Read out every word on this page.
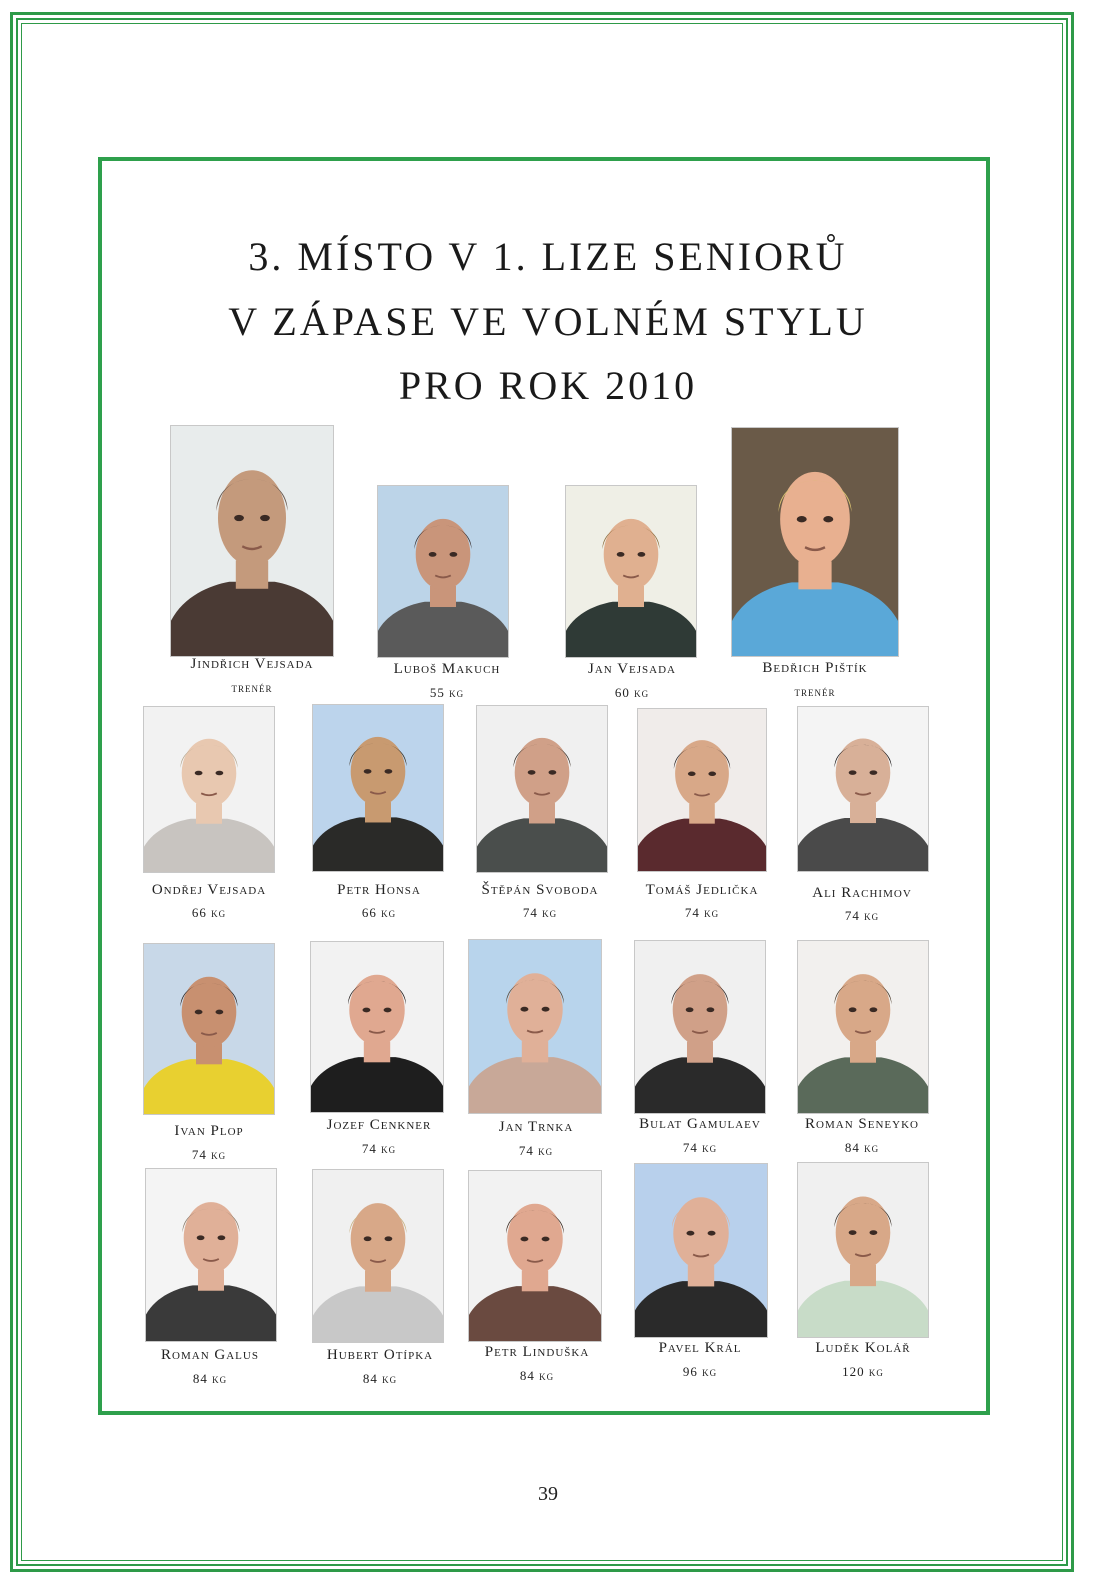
3. MÍSTO V 1. LIZE SENIORŮ
V ZÁPASE VE VOLNÉM STYLU
PRO ROK 2010
Jindřich Vejsada
trenér
Luboš Makuch
55 kg
Jan Vejsada
60 kg
Bedřich Pištík
trenér
Ondřej Vejsada
66 kg
Petr Honsa
66 kg
Štěpán Svoboda
74 kg
Tomáš Jedlička
74 kg
Ali Rachimov
74 kg
Ivan Plop
74 kg
Jozef Cenkner
74 kg
Jan Trnka
74 kg
Bulat Gamulaev
74 kg
Roman Seneyko
84 kg
Roman Galus
84 kg
Hubert Otípka
84 kg
Petr Linduška
84 kg
Pavel Král
96 kg
Luděk Kolář
120 kg
39
